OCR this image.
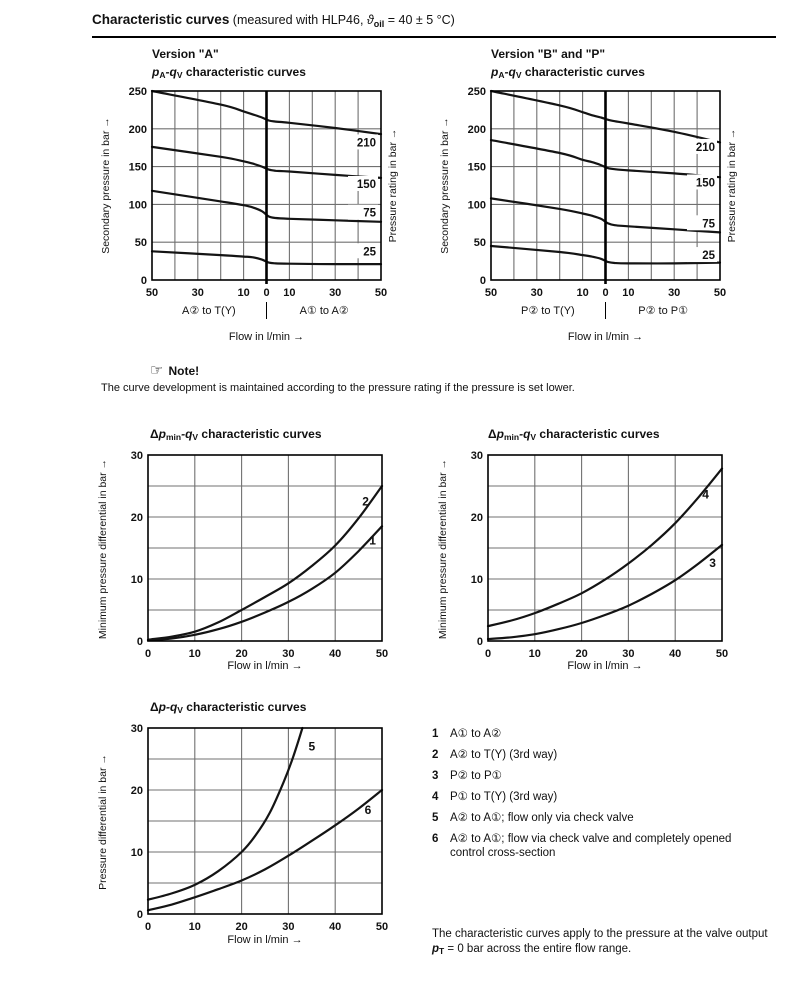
Characteristic curves (measured with HLP46, $ϑ_{oil} = 40 \pm 5$ °C)
Version "A"
pA-qV characteristic curves
210
150
75
25
50	30	10 0 10	30	50
0
50
100
150
200
250
Secondary pressure in bar →	Pressure rating in bar →
A② to T(Y)	A① to A②
Flow in l/min →
Version "B" and "P"
pA-qV characteristic curves
210
150
75
25
50	30	10 0 10	30	50
0
50
100
150
200
250
Secondary pressure in bar →	Pressure rating in bar →
P② to T(Y)	P② to P①
Flow in l/min →
☞ Note!
The curve development is maintained according to the pressure rating if the pressure is set lower.
Δpmin-qV characteristic curves
2
1
0	10	20	30	40	50
0
10
20
30
Minimum pressure differential in bar →
Flow in l/min →
Δpmin-qV characteristic curves
4
3
0	10	20	30	40	50
0
10
20
30
Minimum pressure differential in bar →
Flow in l/min →
Δp-qV characteristic curves
5
6
0	10	20	30	40	50
0
10
20
30
Pressure differential in bar →
Flow in l/min →
1	A① to A②
2	A② to T(Y) (3rd way)
3	P② to P①
4	P① to T(Y) (3rd way)
5	A② to A①; flow only via check valve
6	A② to A①; flow via check valve and completely opened control cross-section
The characteristic curves apply to the pressure at the valve output pT = 0 bar across the entire flow range.
